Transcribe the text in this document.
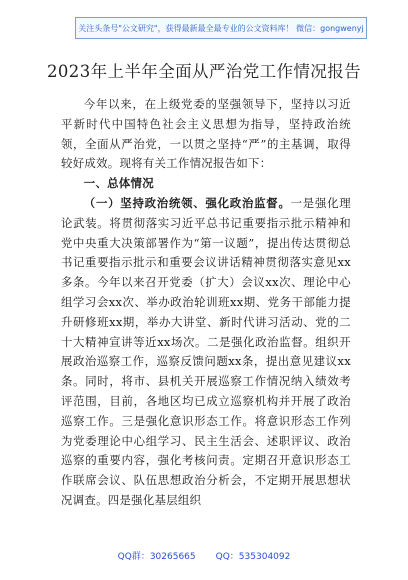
关注头条号"公文研究"，获得最新最全最专业的公文资料库！ 微信：gongwenyj
2023年上半年全面从严治党工作情况报告

今年以来，在上级党委的坚强领导下，坚持以习近平新时代中国特色社会主义思想为指导，坚持政治统领，全面从严治党，一以贯之坚持“严”的主基调，取得较好成效。现将有关工作情况报告如下：

一、总体情况

（一）坚持政治统领、强化政治监督。一是强化理论武装。将贯彻落实习近平总书记重要指示批示精神和党中央重大决策部署作为“第一议题”，提出传达贯彻总书记重要指示批示和重要会议讲话精神贯彻落实意见xx多条。今年以来召开党委（扩大）会议xx次、理论中心组学习会xx次、举办政治轮训班xx期、党务干部能力提升研修班xx期，举办大讲堂、新时代讲习活动、党的二十大精神宣讲等近xx场次。二是强化政治监督。组织开展政治巡察工作，巡察反馈问题xx条，提出意见建议xx条。同时，将市、县机关开展巡察工作情况纳入绩效考评范围，目前，各地区均已成立巡察机构并开展了政治巡察工作。三是强化意识形态工作。将意识形态工作列为党委理论中心组学习、民主生活会、述职评议、政治巡察的重要内容，强化考核问责。定期召开意识形态工作联席会议、队伍思想政治分析会，不定期开展思想状况调查。四是强化基层组织

QQ群：30265665 QQ：535304092
